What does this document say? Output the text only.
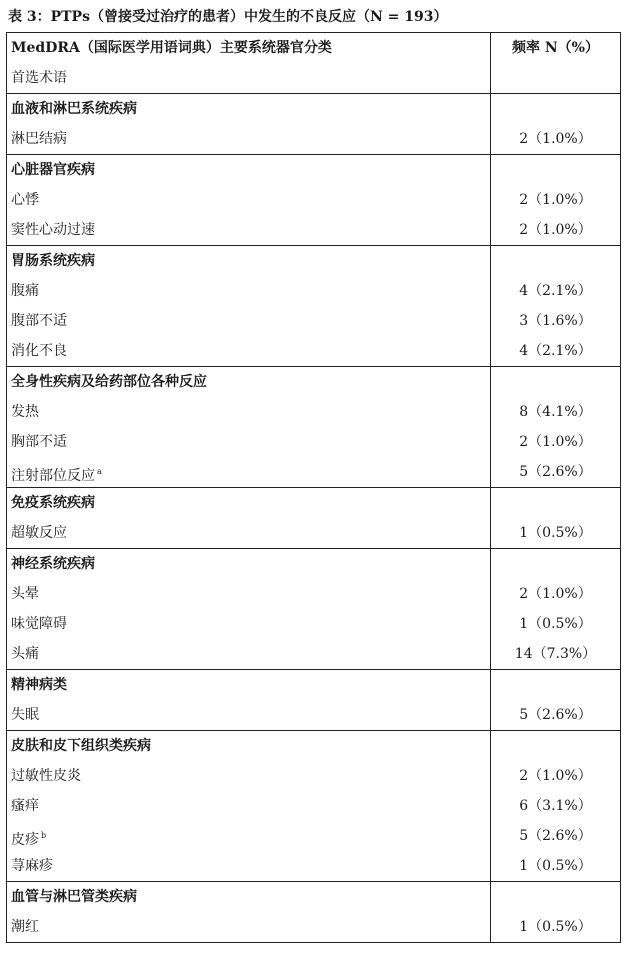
表 3：PTPs（曾接受过治疗的患者）中发生的不良反应（N = 193）
MedDRA（国际医学用语词典）主要系统器官分类	频率 N（%）
首选术语
血液和淋巴系统疾病
淋巴结病	2（1.0%）
心脏器官疾病
心悸	2（1.0%）
窦性心动过速	2（1.0%）
胃肠系统疾病
腹痛	4（2.1%）
腹部不适	3（1.6%）
消化不良	4（2.1%）
全身性疾病及给药部位各种反应
发热	8（4.1%）
胸部不适	2（1.0%）
注射部位反应 $^a$	5（2.6%）
免疫系统疾病
超敏反应	1（0.5%）
神经系统疾病
头晕	2（1.0%）
味觉障碍	1（0.5%）
头痛	14（7.3%）
精神病类
失眠	5（2.6%）
皮肤和皮下组织类疾病
过敏性皮炎	2（1.0%）
瘙痒	6（3.1%）
皮疹 $^b$	5（2.6%）
荨麻疹	1（0.5%）
血管与淋巴管类疾病
潮红	1（0.5%）
